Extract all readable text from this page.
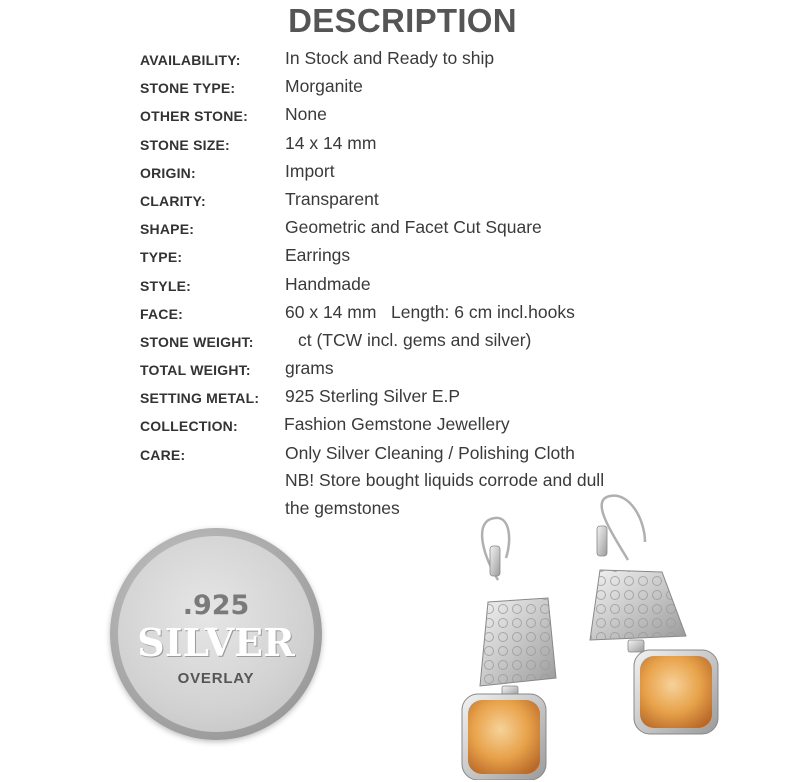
DESCRIPTION
AVAILABILITY:	In Stock and Ready to ship
STONE TYPE:	Morganite
OTHER STONE: None
STONE SIZE:	14 x 14 mm
ORIGIN:	Import
CLARITY:	Transparent
SHAPE:	Geometric and Facet Cut Square
TYPE:	Earrings
STYLE:	Handmade
FACE:	60 x 14 mm   Length: 6 cm incl.hooks
STONE WEIGHT:	ct (TCW incl. gems and silver)
TOTAL WEIGHT: grams
SETTING METAL: 925 Sterling Silver E.P
COLLECTION:	Fashion Gemstone Jewellery
CARE:	Only Silver Cleaning / Polishing Cloth
NB! Store bought liquids corrode and dull
the gemstones
.925
SILVER
OVERLAY
